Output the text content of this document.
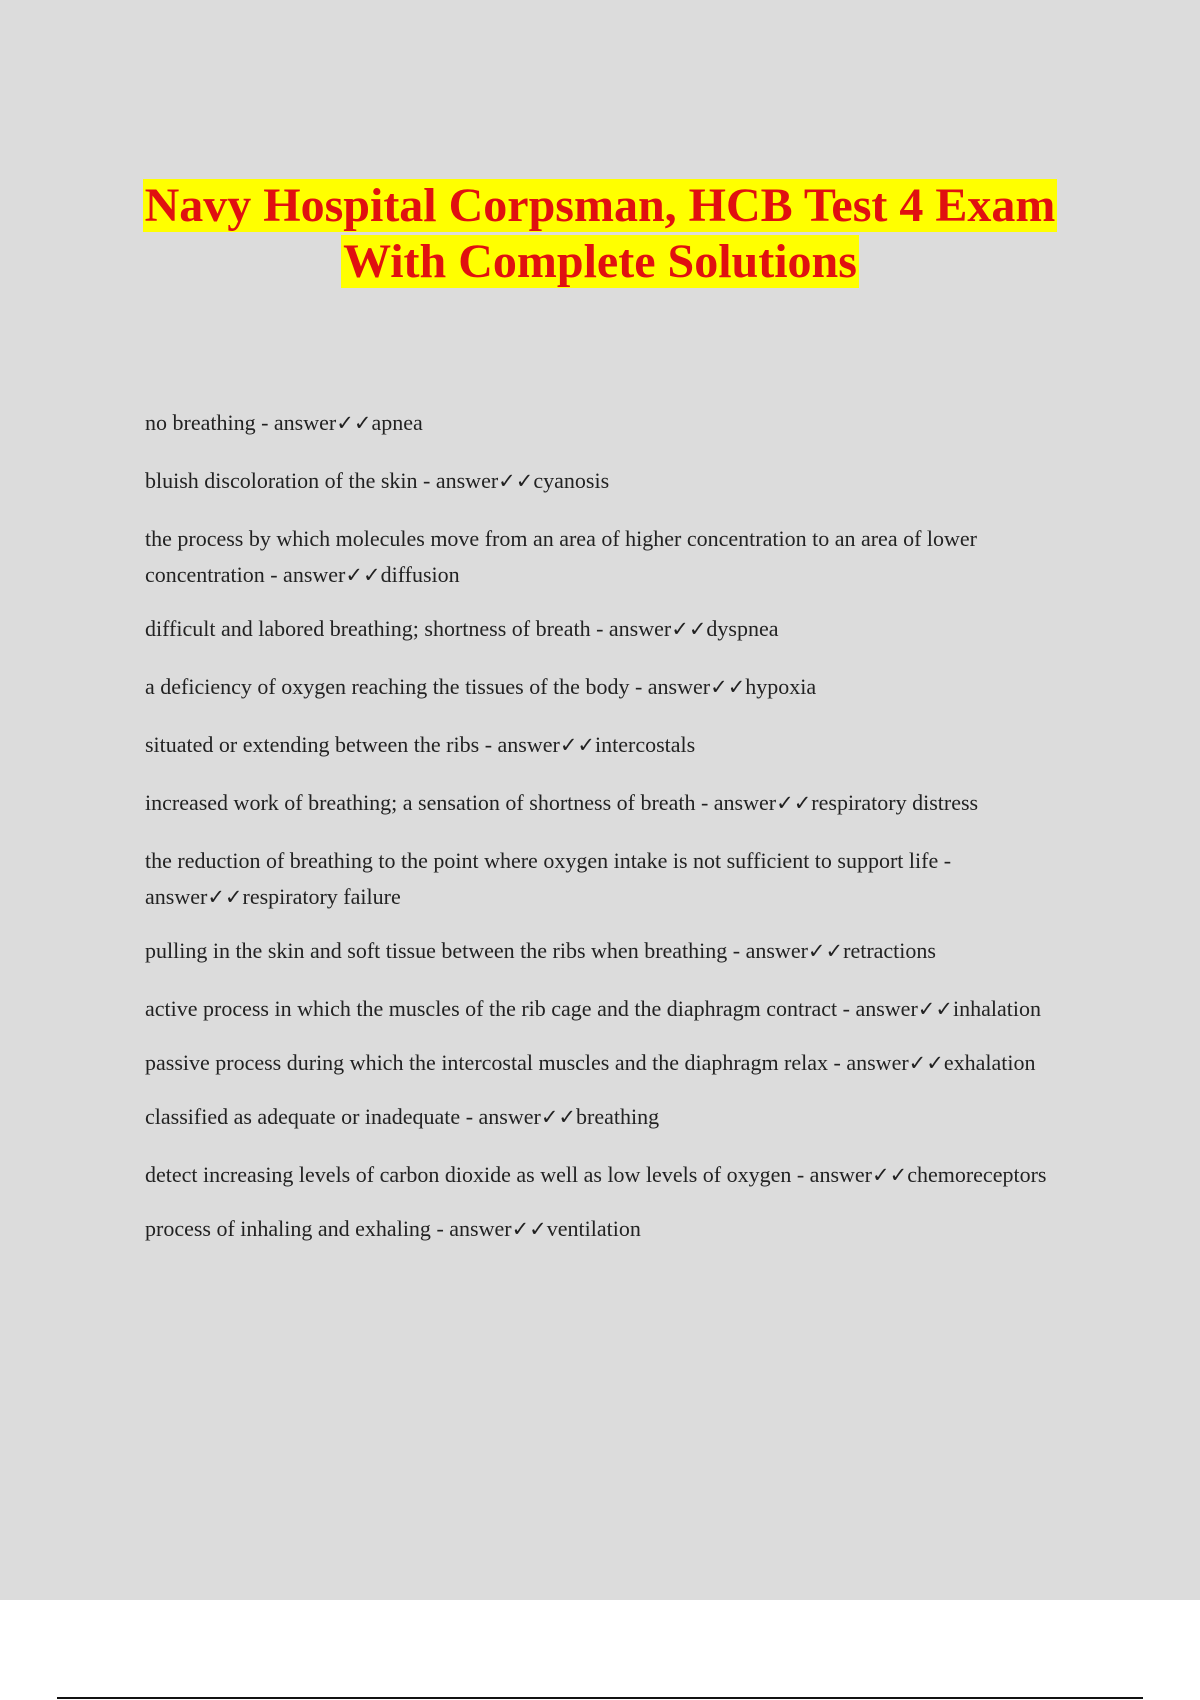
Navy Hospital Corpsman, HCB Test 4 Exam
With Complete Solutions
no breathing - answer✓✓apnea
bluish discoloration of the skin - answer✓✓cyanosis
the process by which molecules move from an area of higher concentration to an area of lower concentration - answer✓✓diffusion
difficult and labored breathing; shortness of breath - answer✓✓dyspnea
a deficiency of oxygen reaching the tissues of the body - answer✓✓hypoxia
situated or extending between the ribs - answer✓✓intercostals
increased work of breathing; a sensation of shortness of breath - answer✓✓respiratory distress
the reduction of breathing to the point where oxygen intake is not sufficient to support life - answer✓✓respiratory failure
pulling in the skin and soft tissue between the ribs when breathing - answer✓✓retractions
active process in which the muscles of the rib cage and the diaphragm contract - answer✓✓inhalation
passive process during which the intercostal muscles and the diaphragm relax - answer✓✓exhalation
classified as adequate or inadequate - answer✓✓breathing
detect increasing levels of carbon dioxide as well as low levels of oxygen - answer✓✓chemoreceptors
process of inhaling and exhaling - answer✓✓ventilation
